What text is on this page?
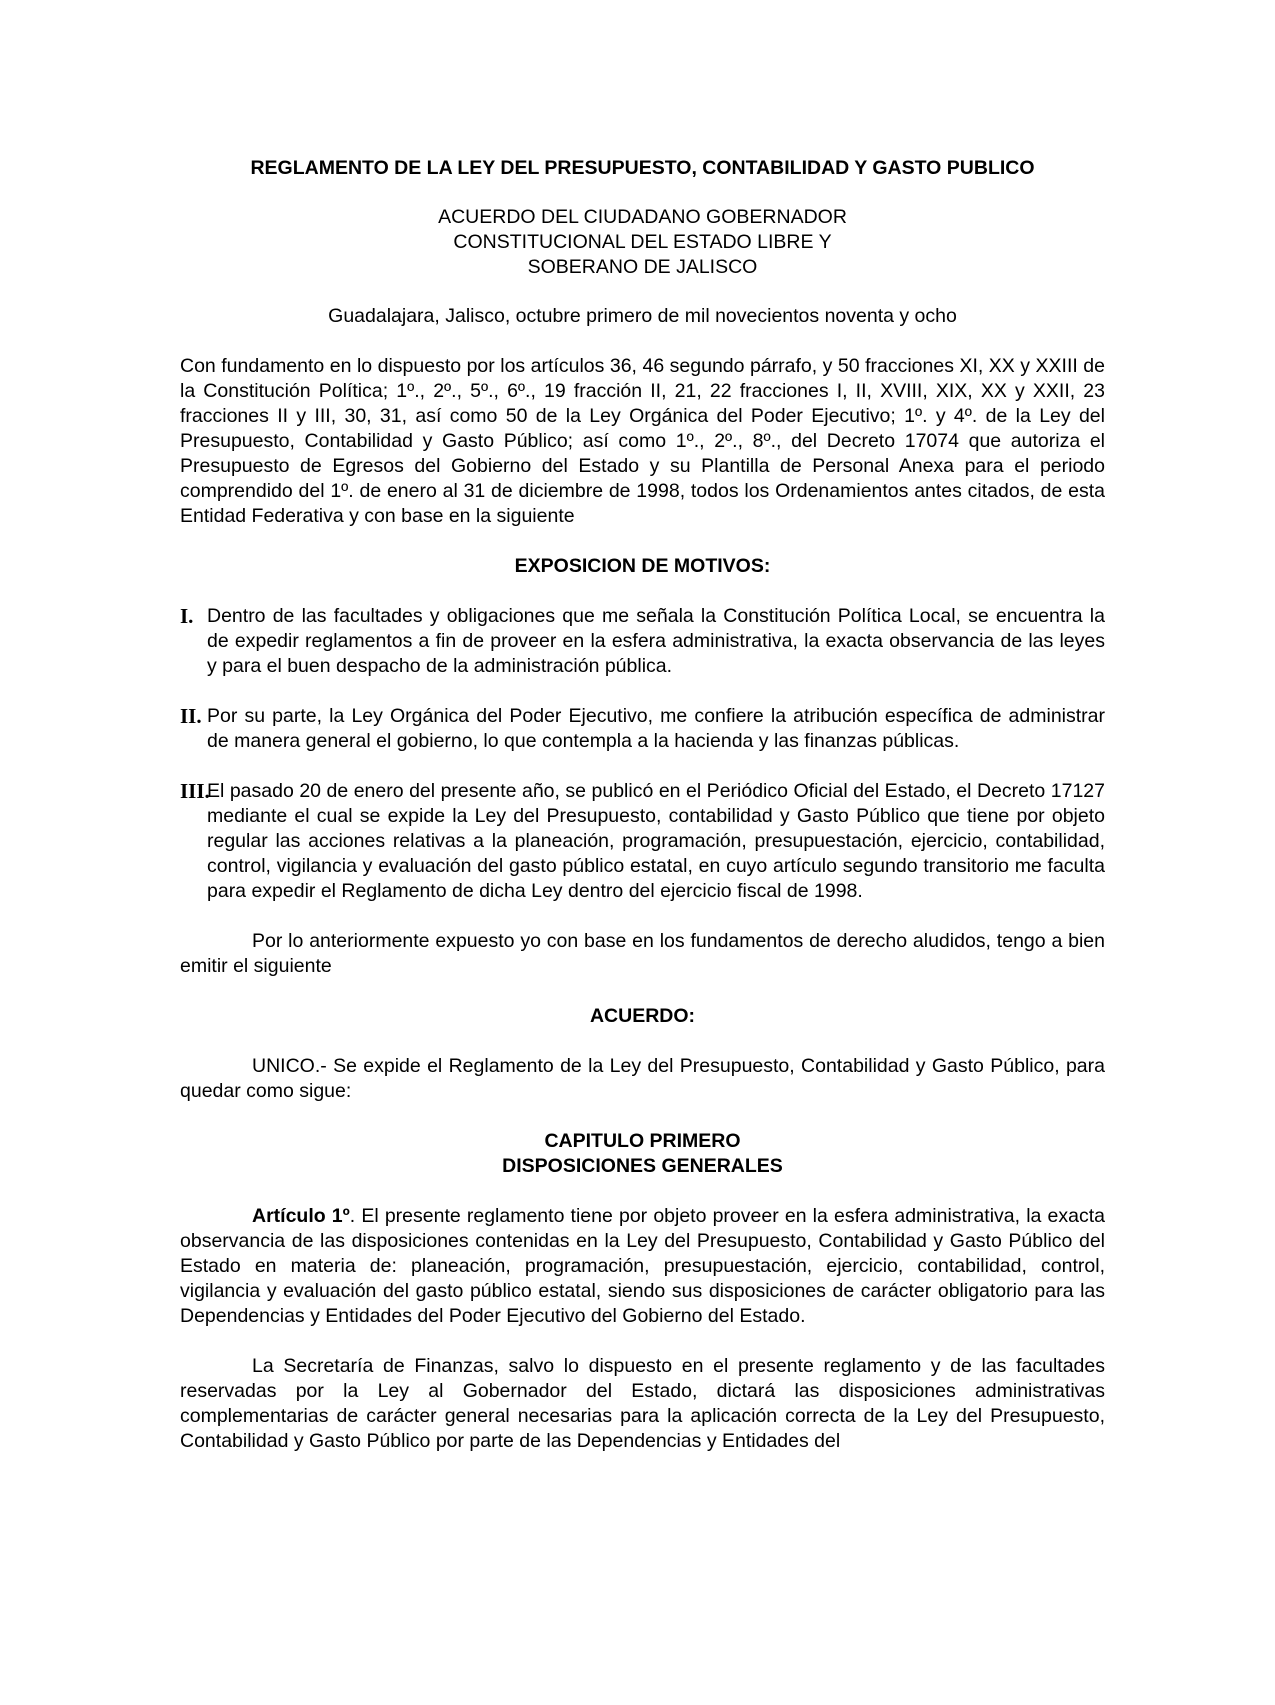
REGLAMENTO DE LA LEY DEL PRESUPUESTO, CONTABILIDAD Y GASTO PUBLICO
ACUERDO DEL CIUDADANO GOBERNADOR
CONSTITUCIONAL DEL ESTADO LIBRE Y
SOBERANO DE JALISCO

Guadalajara, Jalisco, octubre primero de mil novecientos noventa y ocho

Con fundamento en lo dispuesto por los artículos 36, 46 segundo párrafo, y 50 fracciones XI, XX y XXIII de la Constitución Política; 1º., 2º., 5º., 6º., 19 fracción II, 21, 22 fracciones I, II, XVIII, XIX, XX y XXII, 23 fracciones II y III, 30, 31, así como 50 de la Ley Orgánica del Poder Ejecutivo; 1º. y 4º. de la Ley del Presupuesto, Contabilidad y Gasto Público; así como 1º., 2º., 8º., del Decreto 17074 que autoriza el Presupuesto de Egresos del Gobierno del Estado y su Plantilla de Personal Anexa para el periodo comprendido del 1º. de enero al 31 de diciembre de 1998, todos los Ordenamientos antes citados, de esta Entidad Federativa y con base en la siguiente

EXPOSICION DE MOTIVOS:

I. Dentro de las facultades y obligaciones que me señala la Constitución Política Local, se encuentra la de expedir reglamentos a fin de proveer en la esfera administrativa, la exacta observancia de las leyes y para el buen despacho de la administración pública.
II. Por su parte, la Ley Orgánica del Poder Ejecutivo, me confiere la atribución específica de administrar de manera general el gobierno, lo que contempla a la hacienda y las finanzas públicas.
III.
El pasado 20 de enero del presente año, se publicó en el Periódico Oficial del Estado, el Decreto 17127 mediante el cual se expide la Ley del Presupuesto, contabilidad y Gasto Público que tiene por objeto regular las acciones relativas a la planeación, programación, presupuestación, ejercicio, contabilidad, control, vigilancia y evaluación del gasto público estatal, en cuyo artículo segundo transitorio me faculta para expedir el Reglamento de dicha Ley dentro del ejercicio fiscal de 1998.

Por lo anteriormente expuesto yo con base en los fundamentos de derecho aludidos, tengo a bien emitir el siguiente

ACUERDO:

UNICO.- Se expide el Reglamento de la Ley del Presupuesto, Contabilidad y Gasto Público, para quedar como sigue:

CAPITULO PRIMERO
DISPOSICIONES GENERALES

Artículo 1º. El presente reglamento tiene por objeto proveer en la esfera administrativa, la exacta observancia de las disposiciones contenidas en la Ley del Presupuesto, Contabilidad y Gasto Público del Estado en materia de: planeación, programación, presupuestación, ejercicio, contabilidad, control, vigilancia y evaluación del gasto público estatal, siendo sus disposiciones de carácter obligatorio para las Dependencias y Entidades del Poder Ejecutivo del Gobierno del Estado.

La Secretaría de Finanzas, salvo lo dispuesto en el presente reglamento y de las facultades reservadas por la Ley al Gobernador del Estado, dictará las disposiciones administrativas complementarias de carácter general necesarias para la aplicación correcta de la Ley del Presupuesto, Contabilidad y Gasto Público por parte de las Dependencias y Entidades del
